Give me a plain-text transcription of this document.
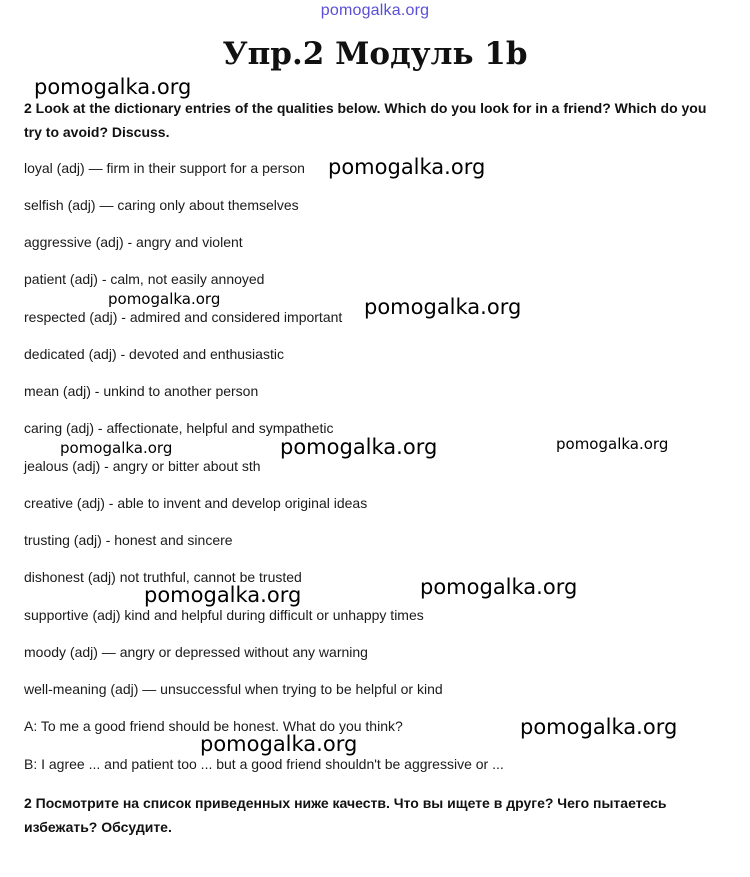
pomogalka.org
Упр.2 Модуль 1b
2 Look at the dictionary entries of the qualities below. Which do you look for in a friend? Which do you try to avoid? Discuss.
loyal (adj) — firm in their support for a person
selfish (adj) — caring only about themselves
aggressive (adj) - angry and violent
patient (adj) - calm, not easily annoyed
respected (adj) - admired and considered important
dedicated (adj) - devoted and enthusiastic
mean (adj) - unkind to another person
caring (adj) - affectionate, helpful and sympathetic
jealous (adj) - angry or bitter about sth
creative (adj) - able to invent and develop original ideas
trusting (adj) - honest and sincere
dishonest (adj) not truthful, cannot be trusted
supportive (adj) kind and helpful during difficult or unhappy times
moody (adj) — angry or depressed without any warning
well-meaning (adj) — unsuccessful when trying to be helpful or kind
A: To me a good friend should be honest. What do you think?
B: I agree ... and patient too ... but a good friend shouldn't be aggressive or ...
2 Посмотрите на список приведенных ниже качеств. Что вы ищете в друге? Чего пытаетесь избежать? Обсудите.
pomogalka.org
pomogalka.org
pomogalka.org	pomogalka.org
pomogalka.org	pomogalka.org	pomogalka.org
pomogalka.org
pomogalka.org
pomogalka.org
pomogalka.org
